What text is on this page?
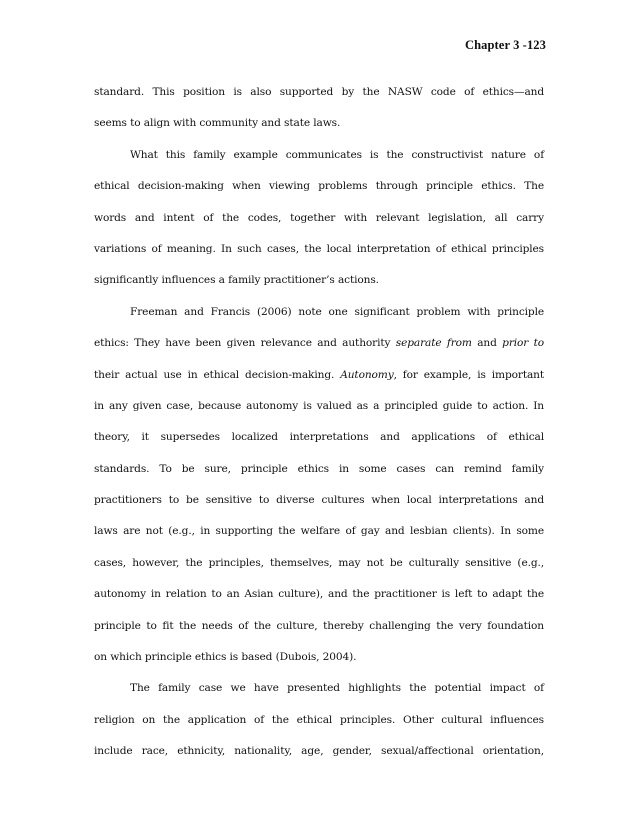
Chapter 3 -123
standard. This position is also supported by the NASW code of ethics—and
seems to align with community and state laws.
What this family example communicates is the constructivist nature of
ethical decision-making when viewing problems through principle ethics. The
words and intent of the codes, together with relevant legislation, all carry
variations of meaning. In such cases, the local interpretation of ethical principles
significantly influences a family practitioner’s actions.
Freeman and Francis (2006) note one significant problem with principle
ethics: They have been given relevance and authority separate from and prior to
their actual use in ethical decision-making. Autonomy, for example, is important
in any given case, because autonomy is valued as a principled guide to action. In
theory, it supersedes localized interpretations and applications of ethical
standards. To be sure, principle ethics in some cases can remind family
practitioners to be sensitive to diverse cultures when local interpretations and
laws are not (e.g., in supporting the welfare of gay and lesbian clients). In some
cases, however, the principles, themselves, may not be culturally sensitive (e.g.,
autonomy in relation to an Asian culture), and the practitioner is left to adapt the
principle to fit the needs of the culture, thereby challenging the very foundation
on which principle ethics is based (Dubois, 2004).
The family case we have presented highlights the potential impact of
religion on the application of the ethical principles. Other cultural influences
include race, ethnicity, nationality, age, gender, sexual/affectional orientation,
